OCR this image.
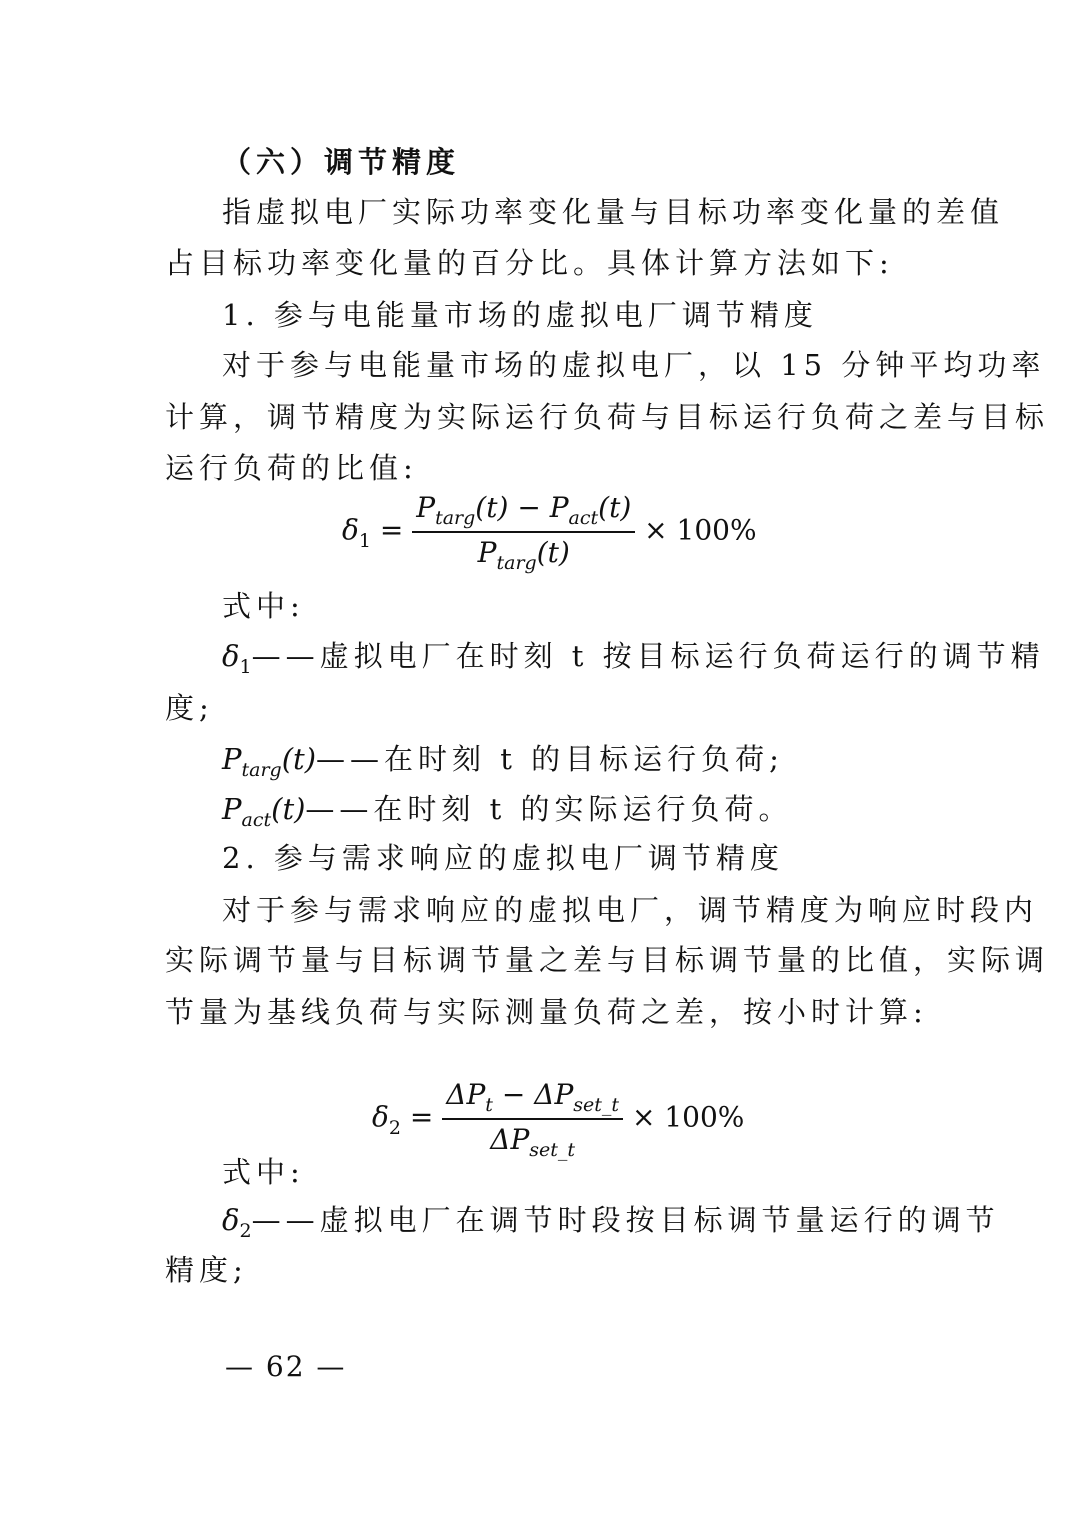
（六）调节精度
指虚拟电厂实际功率变化量与目标功率变化量的差值
占目标功率变化量的百分比。具体计算方法如下:
1. 参与电能量市场的虚拟电厂调节精度
对于参与电能量市场的虚拟电厂，以 15 分钟平均功率
计算，调节精度为实际运行负荷与目标运行负荷之差与目标
运行负荷的比值:
$\delta_1 = \frac{P_{targ}(t) - P_{act}(t)}{P_{targ}(t)} \times 100\%$
式中:
$\delta_1——$虚拟电厂在时刻 t 按目标运行负荷运行的调节精
度;
$P_{targ}(t)——$在时刻 t 的目标运行负荷;
$P_{act}(t)——$在时刻 t 的实际运行负荷。
2. 参与需求响应的虚拟电厂调节精度
对于参与需求响应的虚拟电厂，调节精度为响应时段内
实际调节量与目标调节量之差与目标调节量的比值，实际调
节量为基线负荷与实际测量负荷之差，按小时计算:
$\delta_2 = \frac{\Delta P_t - \Delta P_{set\_t}}{\Delta P_{set\_t}} \times 100\%$
式中:
$\delta_2——$虚拟电厂在调节时段按目标调节量运行的调节
精度;
— 62 —
